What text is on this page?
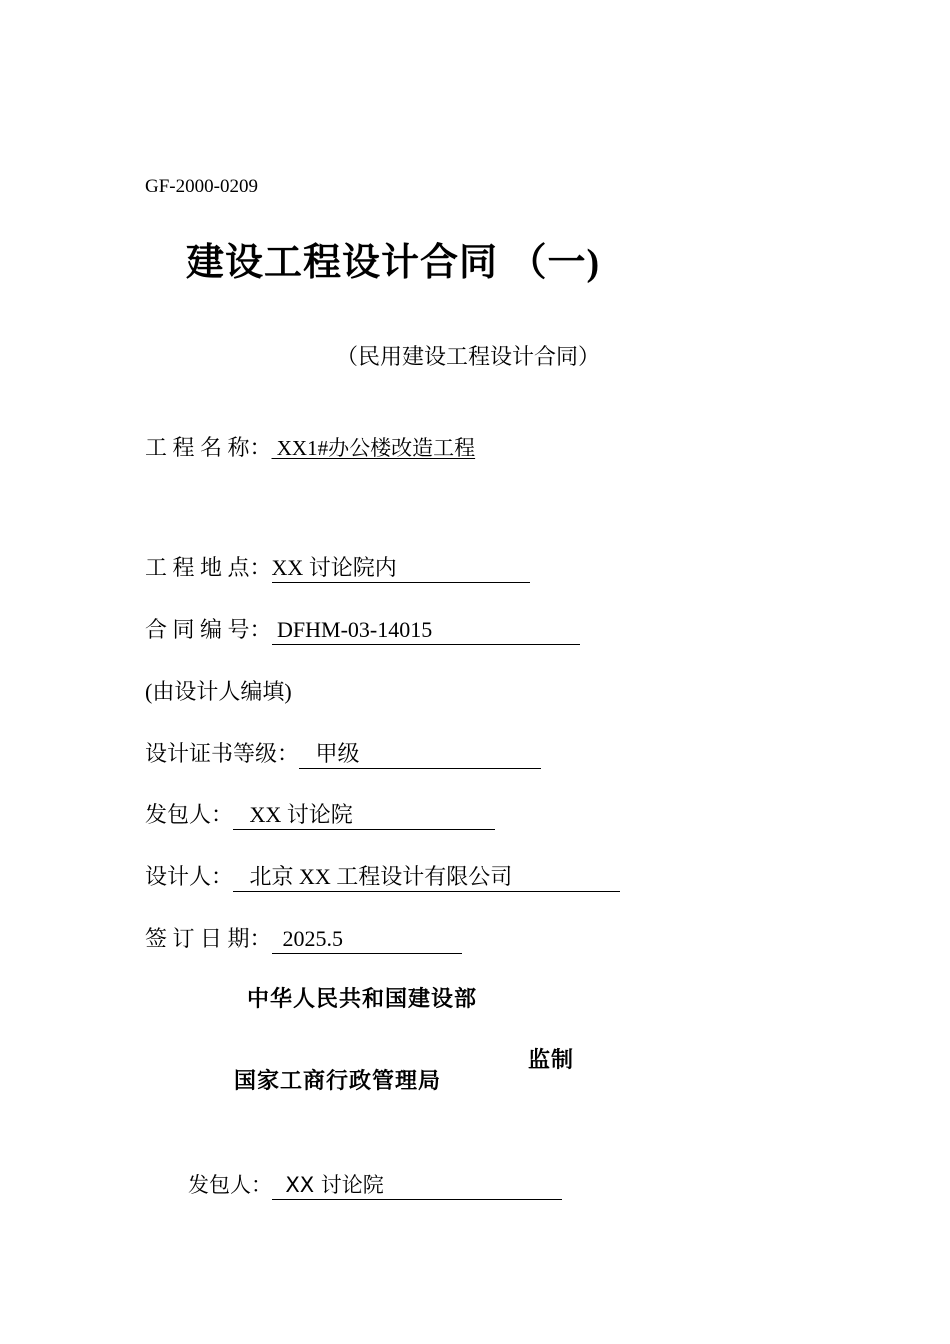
GF-2000-0209
建设工程设计合同 （一)
（民用建设工程设计合同）
工 程 名 称： XX1#办公楼改造工程
工 程 地 点：XX 讨论院内
合 同 编 号： DFHM-03-14015
(由设计人编填)
设计证书等级：   甲级
发包人：   XX 讨论院
设计人：   北京 XX 工程设计有限公司
签 订 日 期：  2025.5
中华人民共和国建设部
国家工商行政管理局
监制
发包人：  XX 讨论院
